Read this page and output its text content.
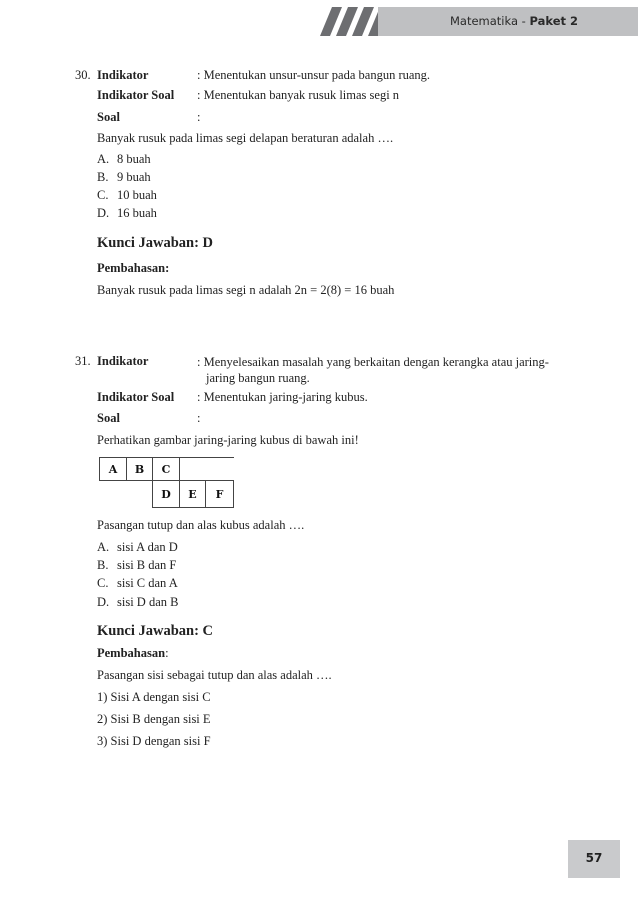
Matematika - Paket 2
30. Indikator	: Menentukan unsur-unsur pada bangun ruang.
Indikator Soal : Menentukan banyak rusuk limas segi n
Soal	:
Banyak rusuk pada limas segi delapan beraturan adalah ….
A. 8 buah
B. 9 buah
C. 10 buah
D. 16 buah
Kunci Jawaban: D
Pembahasan:
Banyak rusuk pada limas segi n adalah 2n = 2(8) = 16 buah
31. Indikator	: Menyelesaikan masalah yang berkaitan dengan kerangka atau jaring-
jaring bangun ruang.
Indikator Soal : Menentukan jaring-jaring kubus.
Soal	:
Perhatikan gambar jaring-jaring kubus di bawah ini!
A	B	C
D	E	F
Pasangan tutup dan alas kubus adalah ….
A. sisi A dan D
B. sisi B dan F
C. sisi C dan A
D. sisi D dan B
Kunci Jawaban: C
Pembahasan:
Pasangan sisi sebagai tutup dan alas adalah ….
1) Sisi A dengan sisi C
2) Sisi B dengan sisi E
3) Sisi D dengan sisi F
57
